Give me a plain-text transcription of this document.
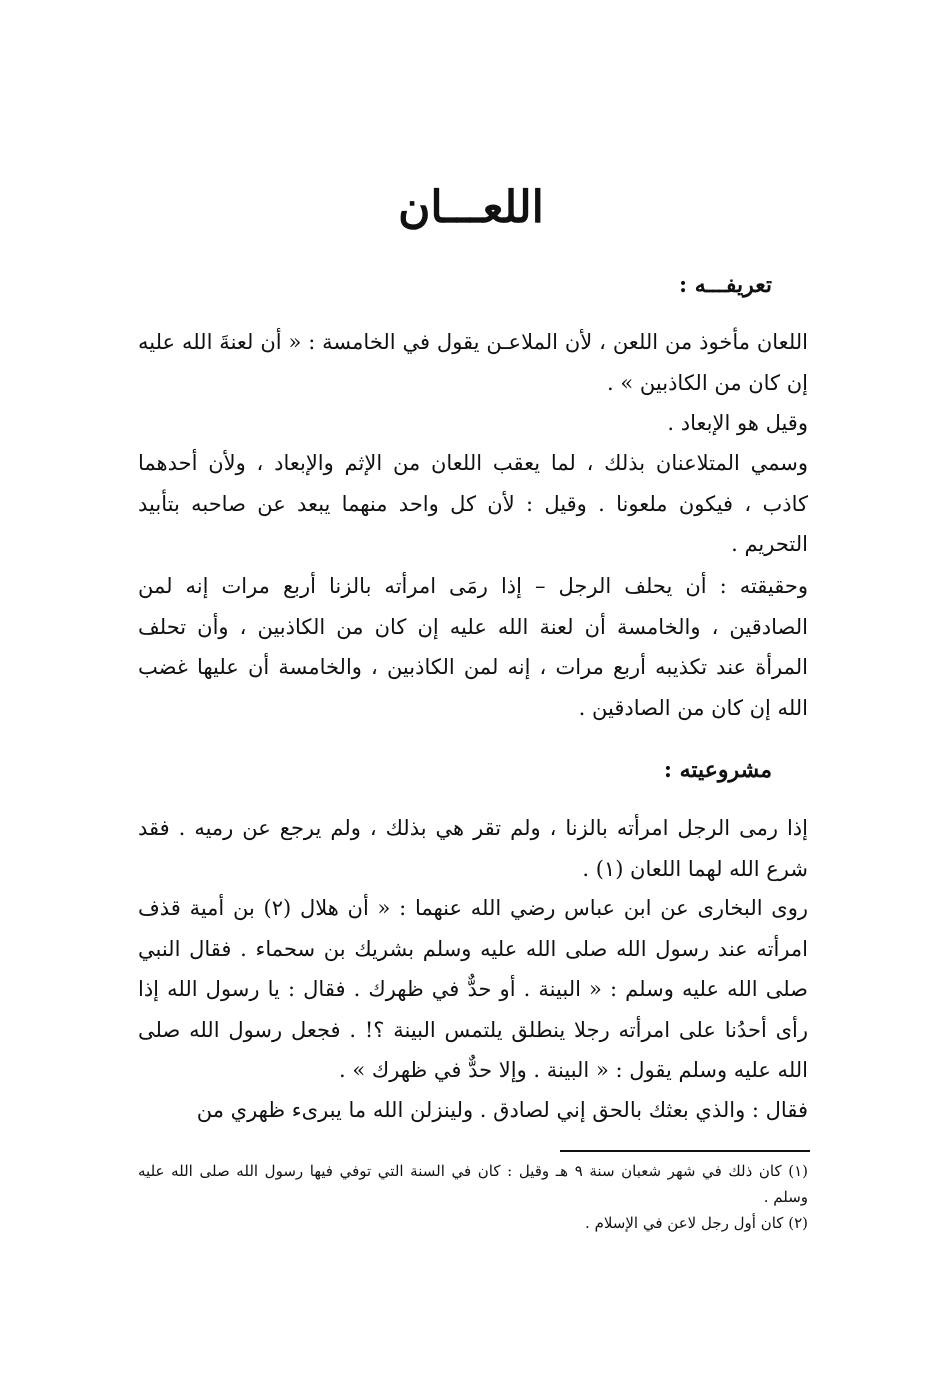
اللعـــان
تعريفـــه :

اللعان مأخوذ من اللعن ، لأن الملاعـن يقول في الخامسة : « أن لعنةَ الله عليه إن كان من الكاذبين » .

وقيل هو الإبعاد .

وسمي المتلاعنان بذلك ، لما يعقب اللعان من الإثم والإبعاد ، ولأن أحدهما كاذب ، فيكون ملعونا . وقيل : لأن كل واحد منهما يبعد عن صاحبه بتأبيد التحريم .

وحقيقته : أن يحلف الرجل – إذا رمَى امرأته بالزنا أربع مرات إنه لمن الصادقين ، والخامسة أن لعنة الله عليه إن كان من الكاذبين ، وأن تحلف المرأة عند تكذيبه أربع مرات ، إنه لمن الكاذبين ، والخامسة أن عليها غضب الله إن كان من الصادقين .

مشروعيته :

إذا رمى الرجل امرأته بالزنا ، ولم تقر هي بذلك ، ولم يرجع عن رميه . فقد شرع الله لهما اللعان (١) .

روى البخارى عن ابن عباس رضي الله عنهما : « أن هلال (٢) بن أمية قذف امرأته عند رسول الله صلى الله عليه وسلم بشريك بن سحماء . فقال النبي صلى الله عليه وسلم : « البينة . أو حدٌّ في ظهرك . فقال : يا رسول الله إذا رأى أحدُنا على امرأته رجلا ينطلق يلتمس البينة ؟! . فجعل رسول الله صلى الله عليه وسلم يقول : « البينة . وإلا حدٌّ في ظهرك » .

فقال : والذي بعثك بالحق إني لصادق . ولينزلن الله ما يبرىء ظهري من

(١) كان ذلك في شهر شعبان سنة ٩ هـ وقيل : كان في السنة التي توفي فيها رسول الله صلى الله عليه وسلم .

(٢) كان أول رجل لاعن في الإسلام .
